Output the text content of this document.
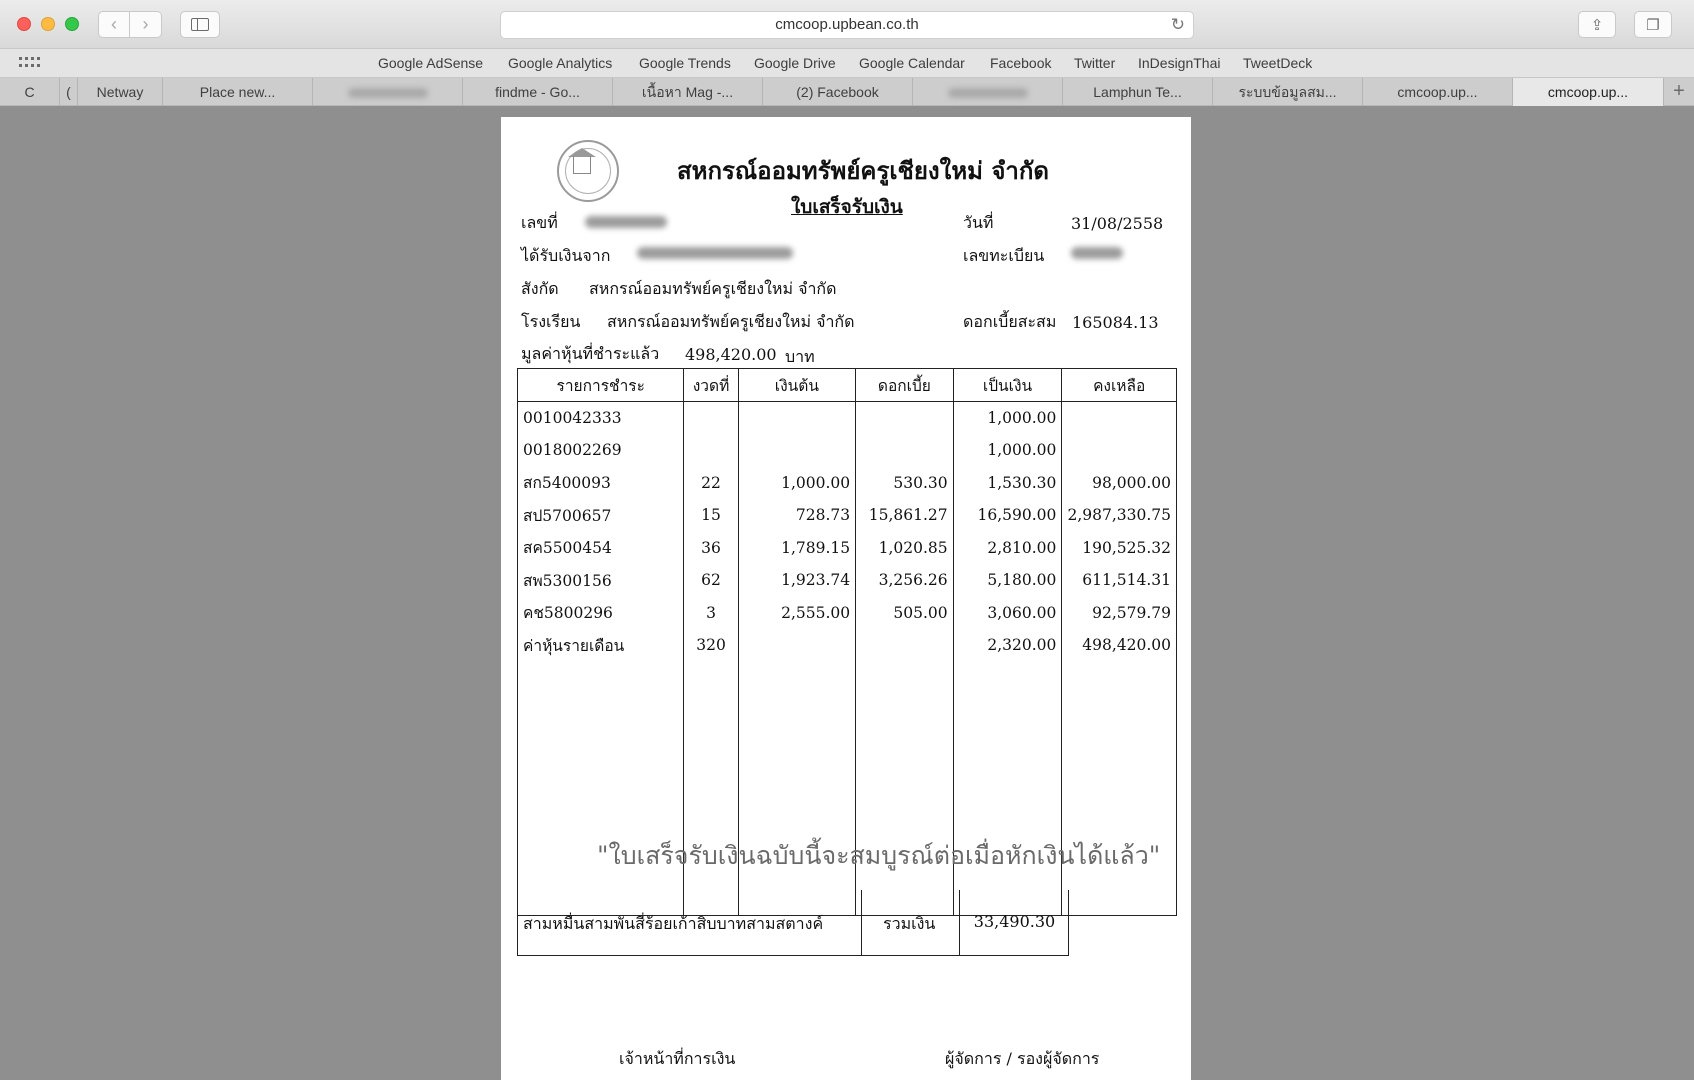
‹ ›	cmcoop.upbean.co.th	↻	⇪	❐
Google AdSense Google Analytics Google Trends Google Drive Google Calendar Facebook Twitter InDesignThai TweetDeck
C	(	Netway	Place new...	findme - Go...	เนื้อหา Mag -...	(2) Facebook	Lamphun Te...	ระบบข้อมูลสม...	cmcoop.up...	cmcoop.up...	+
สหกรณ์ออมทรัพย์ครูเชียงใหม่ จำกัด
ใบเสร็จรับเงิน
เลขที่	วันที่	31/08/2558
ได้รับเงินจาก	เลขทะเบียน
สังกัด สหกรณ์ออมทรัพย์ครูเชียงใหม่ จำกัด
โรงเรียน สหกรณ์ออมทรัพย์ครูเชียงใหม่ จำกัด	ดอกเบี้ยสะสม 165084.13
มูลค่าหุ้นที่ชำระแล้ว 498,420.00 บาท
รายการชำระ	งวดที่	เงินต้น	ดอกเบี้ย	เป็นเงิน	คงเหลือ
0010042333				1,000.00	
0018002269				1,000.00	
สก5400093	22	1,000.00	530.30	1,530.30	98,000.00
สป5700657	15	728.73	15,861.27	16,590.00	2,987,330.75
สค5500454	36	1,789.15	1,020.85	2,810.00	190,525.32
สพ5300156	62	1,923.74	3,256.26	5,180.00	611,514.31
คช5800296	3	2,555.00	505.00	3,060.00	92,579.79
ค่าหุ้นรายเดือน	320			2,320.00	498,420.00

"ใบเสร็จรับเงินฉบับนี้จะสมบูรณ์ต่อเมื่อหักเงินได้แล้ว"
สามหมื่นสามพันสี่ร้อยเก้าสิบบาทสามสตางค์	รวมเงิน	33,490.30
เจ้าหน้าที่การเงิน	ผู้จัดการ / รองผู้จัดการ
